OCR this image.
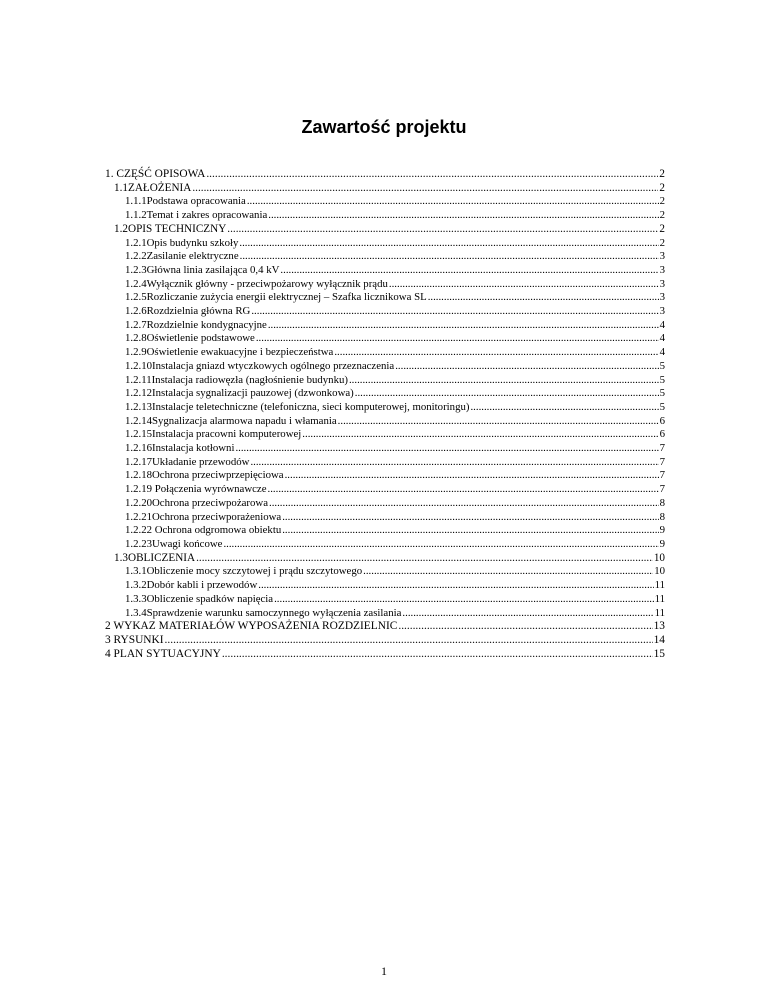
Zawartość projektu
1. CZĘŚĆ OPISOWA .....	2
1.1ZAŁOŻENIA .....	2
1.1.1Podstawa opracowania .....	2
1.1.2Temat i zakres opracowania .....	2
1.2OPIS TECHNICZNY .....	2
1.2.1Opis budynku szkoły .....	2
1.2.2Zasilanie elektryczne .....	3
1.2.3Główna linia zasilająca 0,4 kV .....	3
1.2.4Wyłącznik główny - przeciwpożarowy wyłącznik prądu .....	3
1.2.5Rozliczanie zużycia energii elektrycznej – Szafka licznikowa SL .....	3
1.2.6Rozdzielnia główna RG .....	3
1.2.7Rozdzielnie kondygnacyjne .....	4
1.2.8Oświetlenie podstawowe .....	4
1.2.9Oświetlenie ewakuacyjne i bezpieczeństwa .....	4
1.2.10Instalacja gniazd wtyczkowych ogólnego przeznaczenia .....	5
1.2.11Instalacja radiowęzła (nagłośnienie budynku) .....	5
1.2.12Instalacja sygnalizacji pauzowej (dzwonkowa) .....	5
1.2.13Instalacje teletechniczne (telefoniczna, sieci komputerowej, monitoringu) .....	5
1.2.14Sygnalizacja alarmowa napadu i włamania .....	6
1.2.15Instalacja pracowni komputerowej .....	6
1.2.16Instalacja kotłowni .....	7
1.2.17Układanie przewodów .....	7
1.2.18Ochrona przeciwprzepięciowa .....	7
1.2.19 Połączenia wyrównawcze .....	7
1.2.20Ochrona przeciwpożarowa .....	8
1.2.21Ochrona przeciwporażeniowa .....	8
1.2.22 Ochrona odgromowa obiektu .....	9
1.2.23Uwagi końcowe .....	9
1.3OBLICZENIA .....	10
1.3.1Obliczenie mocy szczytowej i prądu szczytowego .....	10
1.3.2Dobór kabli i przewodów .....	11
1.3.3Obliczenie spadków napięcia .....	11
1.3.4Sprawdzenie warunku samoczynnego wyłączenia zasilania .....	11
2 WYKAZ MATERIAŁÓW WYPOSAŻENIA ROZDZIELNIC .....	13
3 RYSUNKI .....	14
4 PLAN SYTUACYJNY .....	15
1
